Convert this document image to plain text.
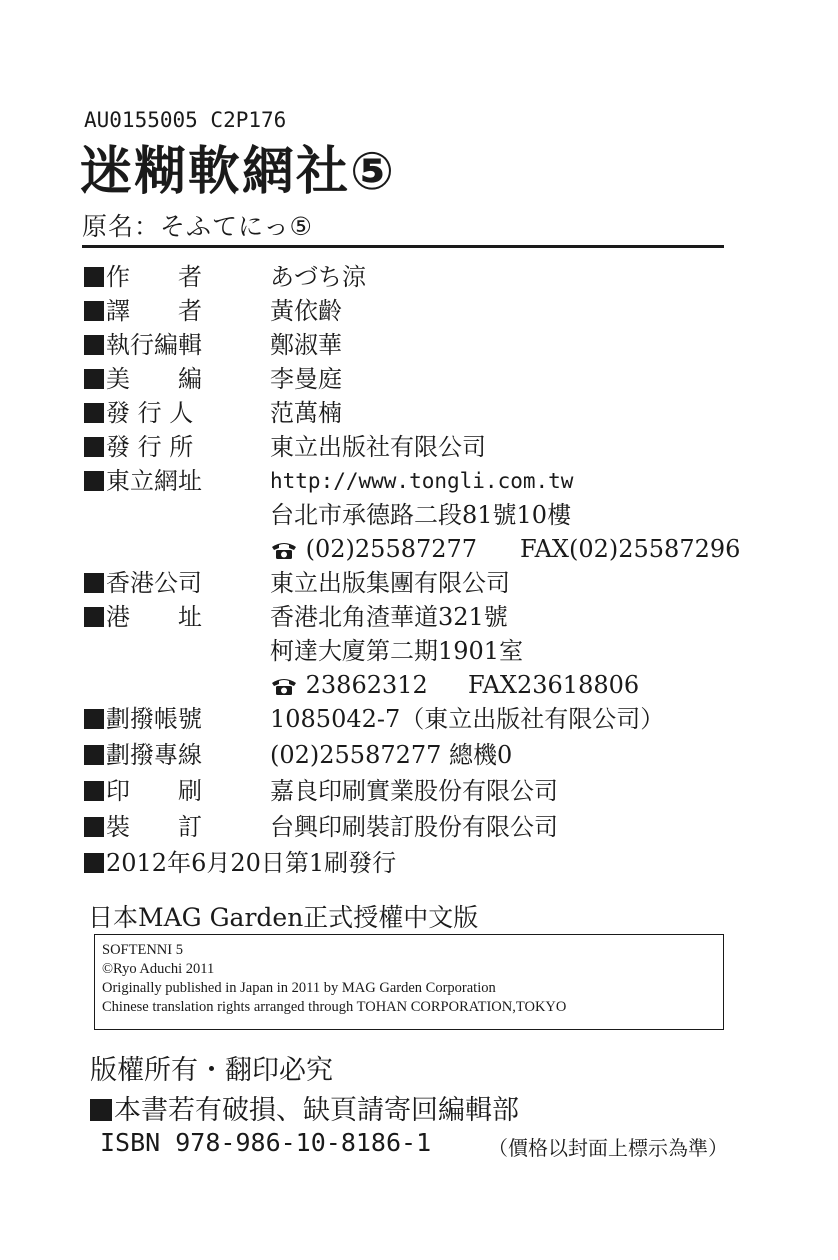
AU0155005 C2P176
迷糊軟網社⑤
原名：そふてにっ⑤
作　　者	あづち涼
譯　　者	黃依齡
執行編輯	鄭淑華
美　　編	李曼庭
發 行 人	范萬楠
發 行 所	東立出版社有限公司
東立網址	http://www.tongli.com.tw
台北市承德路二段81號10樓
(02)25587277 FAX(02)25587296
香港公司	東立出版集團有限公司
港　　址	香港北角渣華道321號
柯達大廈第二期1901室
23862312 FAX23618806
劃撥帳號	1085042-7（東立出版社有限公司）
劃撥專線	(02)25587277 總機0
印　　刷	嘉良印刷實業股份有限公司
裝　　訂	台興印刷裝訂股份有限公司
2012年6月20日第1刷發行
日本MAG Garden正式授權中文版
SOFTENNI 5
©Ryo Aduchi 2011
Originally published in Japan in 2011 by MAG Garden Corporation
Chinese translation rights arranged through TOHAN CORPORATION,TOKYO
版權所有・翻印必究
本書若有破損、缺頁請寄回編輯部
ISBN 978-986-10-8186-1	（價格以封面上標示為準）
